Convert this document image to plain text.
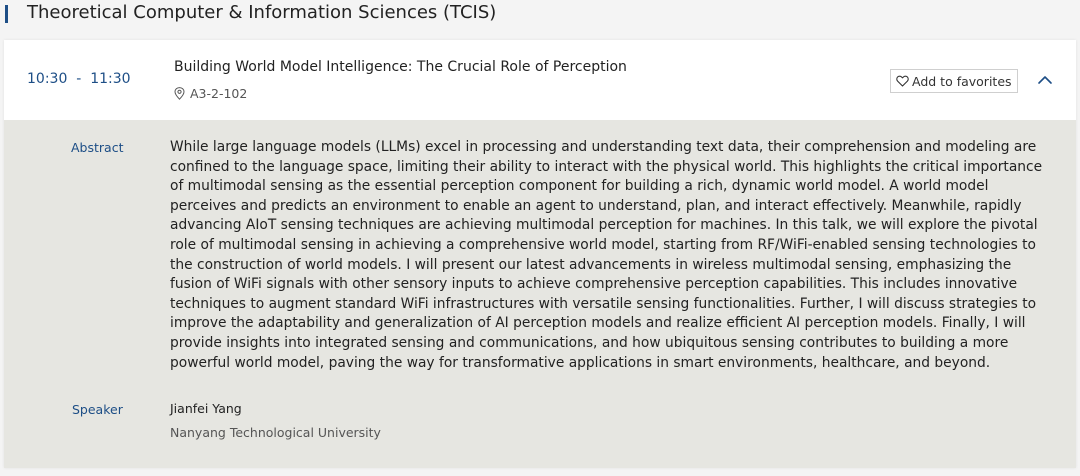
Theoretical Computer & Information Sciences (TCIS)
10:30  -  11:30
Building World Model Intelligence: The Crucial Role of Perception
A3-2-102
Add to favorites
Abstract	While large language models (LLMs) excel in processing and understanding text data, their comprehension and modeling are confined to the language space, limiting their ability to interact with the physical world. This highlights the critical importance of multimodal sensing as the essential perception component for building a rich, dynamic world model. A world model perceives and predicts an environment to enable an agent to understand, plan, and interact effectively. Meanwhile, rapidly advancing AIoT sensing techniques are achieving multimodal perception for machines. In this talk, we will explore the pivotal role of multimodal sensing in achieving a comprehensive world model, starting from RF/WiFi-enabled sensing technologies to the construction of world models. I will present our latest advancements in wireless multimodal sensing, emphasizing the fusion of WiFi signals with other sensory inputs to achieve comprehensive perception capabilities. This includes innovative techniques to augment standard WiFi infrastructures with versatile sensing functionalities. Further, I will discuss strategies to improve the adaptability and generalization of AI perception models and realize efficient AI perception models. Finally, I will provide insights into integrated sensing and communications, and how ubiquitous sensing contributes to building a more powerful world model, paving the way for transformative applications in smart environments, healthcare, and beyond.

Speaker	Jianfei Yang
Nanyang Technological University
